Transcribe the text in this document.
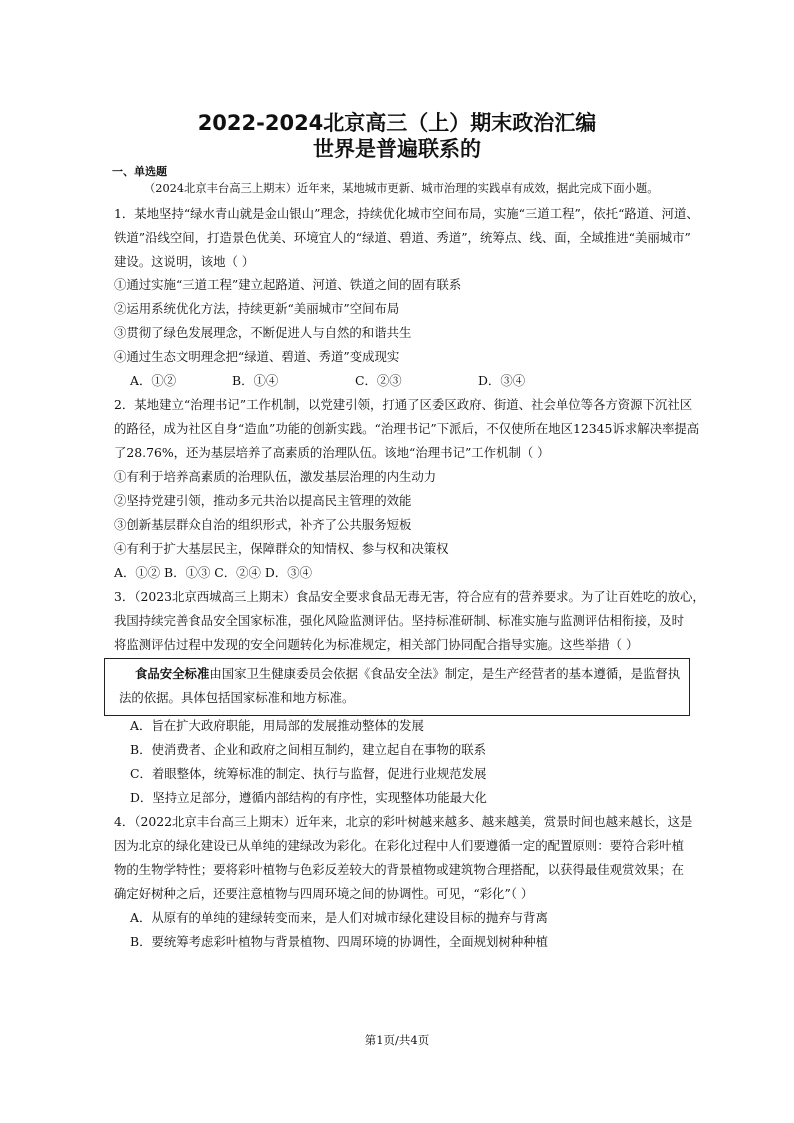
2022-2024北京高三（上）期末政治汇编
世界是普遍联系的
一、单选题
（2024北京丰台高三上期末）近年来，某地城市更新、城市治理的实践卓有成效，据此完成下面小题。
1．某地坚持“绿水青山就是金山银山”理念，持续优化城市空间布局，实施“三道工程”，依托“路道、河道、
铁道”沿线空间，打造景色优美、环境宜人的“绿道、碧道、秀道”，统筹点、线、面，全域推进“美丽城市”
建设。这说明，该地（ ）
①通过实施“三道工程”建立起路道、河道、铁道之间的固有联系
②运用系统优化方法，持续更新“美丽城市”空间布局
③贯彻了绿色发展理念，不断促进人与自然的和谐共生
④通过生态文明理念把“绿道、碧道、秀道”变成现实
A．①②	B．①④	C．②③	D．③④
2．某地建立“治理书记”工作机制，以党建引领，打通了区委区政府、街道、社会单位等各方资源下沉社区
的路径，成为社区自身“造血”功能的创新实践。“治理书记”下派后，不仅使所在地区12345诉求解决率提高
了28.76%，还为基层培养了高素质的治理队伍。该地“治理书记”工作机制（ ）
①有利于培养高素质的治理队伍，激发基层治理的内生动力
②坚持党建引领，推动多元共治以提高民主管理的效能
③创新基层群众自治的组织形式，补齐了公共服务短板
④有利于扩大基层民主，保障群众的知情权、参与权和决策权
A．①② B．①③ C．②④ D．③④
3．（2023北京西城高三上期末）食品安全要求食品无毒无害，符合应有的营养要求。为了让百姓吃的放心，
我国持续完善食品安全国家标准，强化风险监测评估。坚持标准研制、标准实施与监测评估相衔接，及时
将监测评估过程中发现的安全问题转化为标准规定，相关部门协同配合指导实施。这些举措（ ）
食品安全标准由国家卫生健康委员会依据《食品安全法》制定，是生产经营者的基本遵循，是监督执
法的依据。具体包括国家标准和地方标准。
A．旨在扩大政府职能，用局部的发展推动整体的发展
B．使消费者、企业和政府之间相互制约，建立起自在事物的联系
C．着眼整体，统筹标准的制定、执行与监督，促进行业规范发展
D．坚持立足部分，遵循内部结构的有序性，实现整体功能最大化
4．（2022北京丰台高三上期末）近年来，北京的彩叶树越来越多、越来越美，赏景时间也越来越长，这是
因为北京的绿化建设已从单纯的建绿改为彩化。在彩化过程中人们要遵循一定的配置原则：要符合彩叶植
物的生物学特性；要将彩叶植物与色彩反差较大的背景植物或建筑物合理搭配，以获得最佳观赏效果；在
确定好树种之后，还要注意植物与四周环境之间的协调性。可见，“彩化”（ ）
A．从原有的单纯的建绿转变而来，是人们对城市绿化建设目标的抛弃与背离
B．要统筹考虑彩叶植物与背景植物、四周环境的协调性，全面规划树种种植
第1页/共4页
